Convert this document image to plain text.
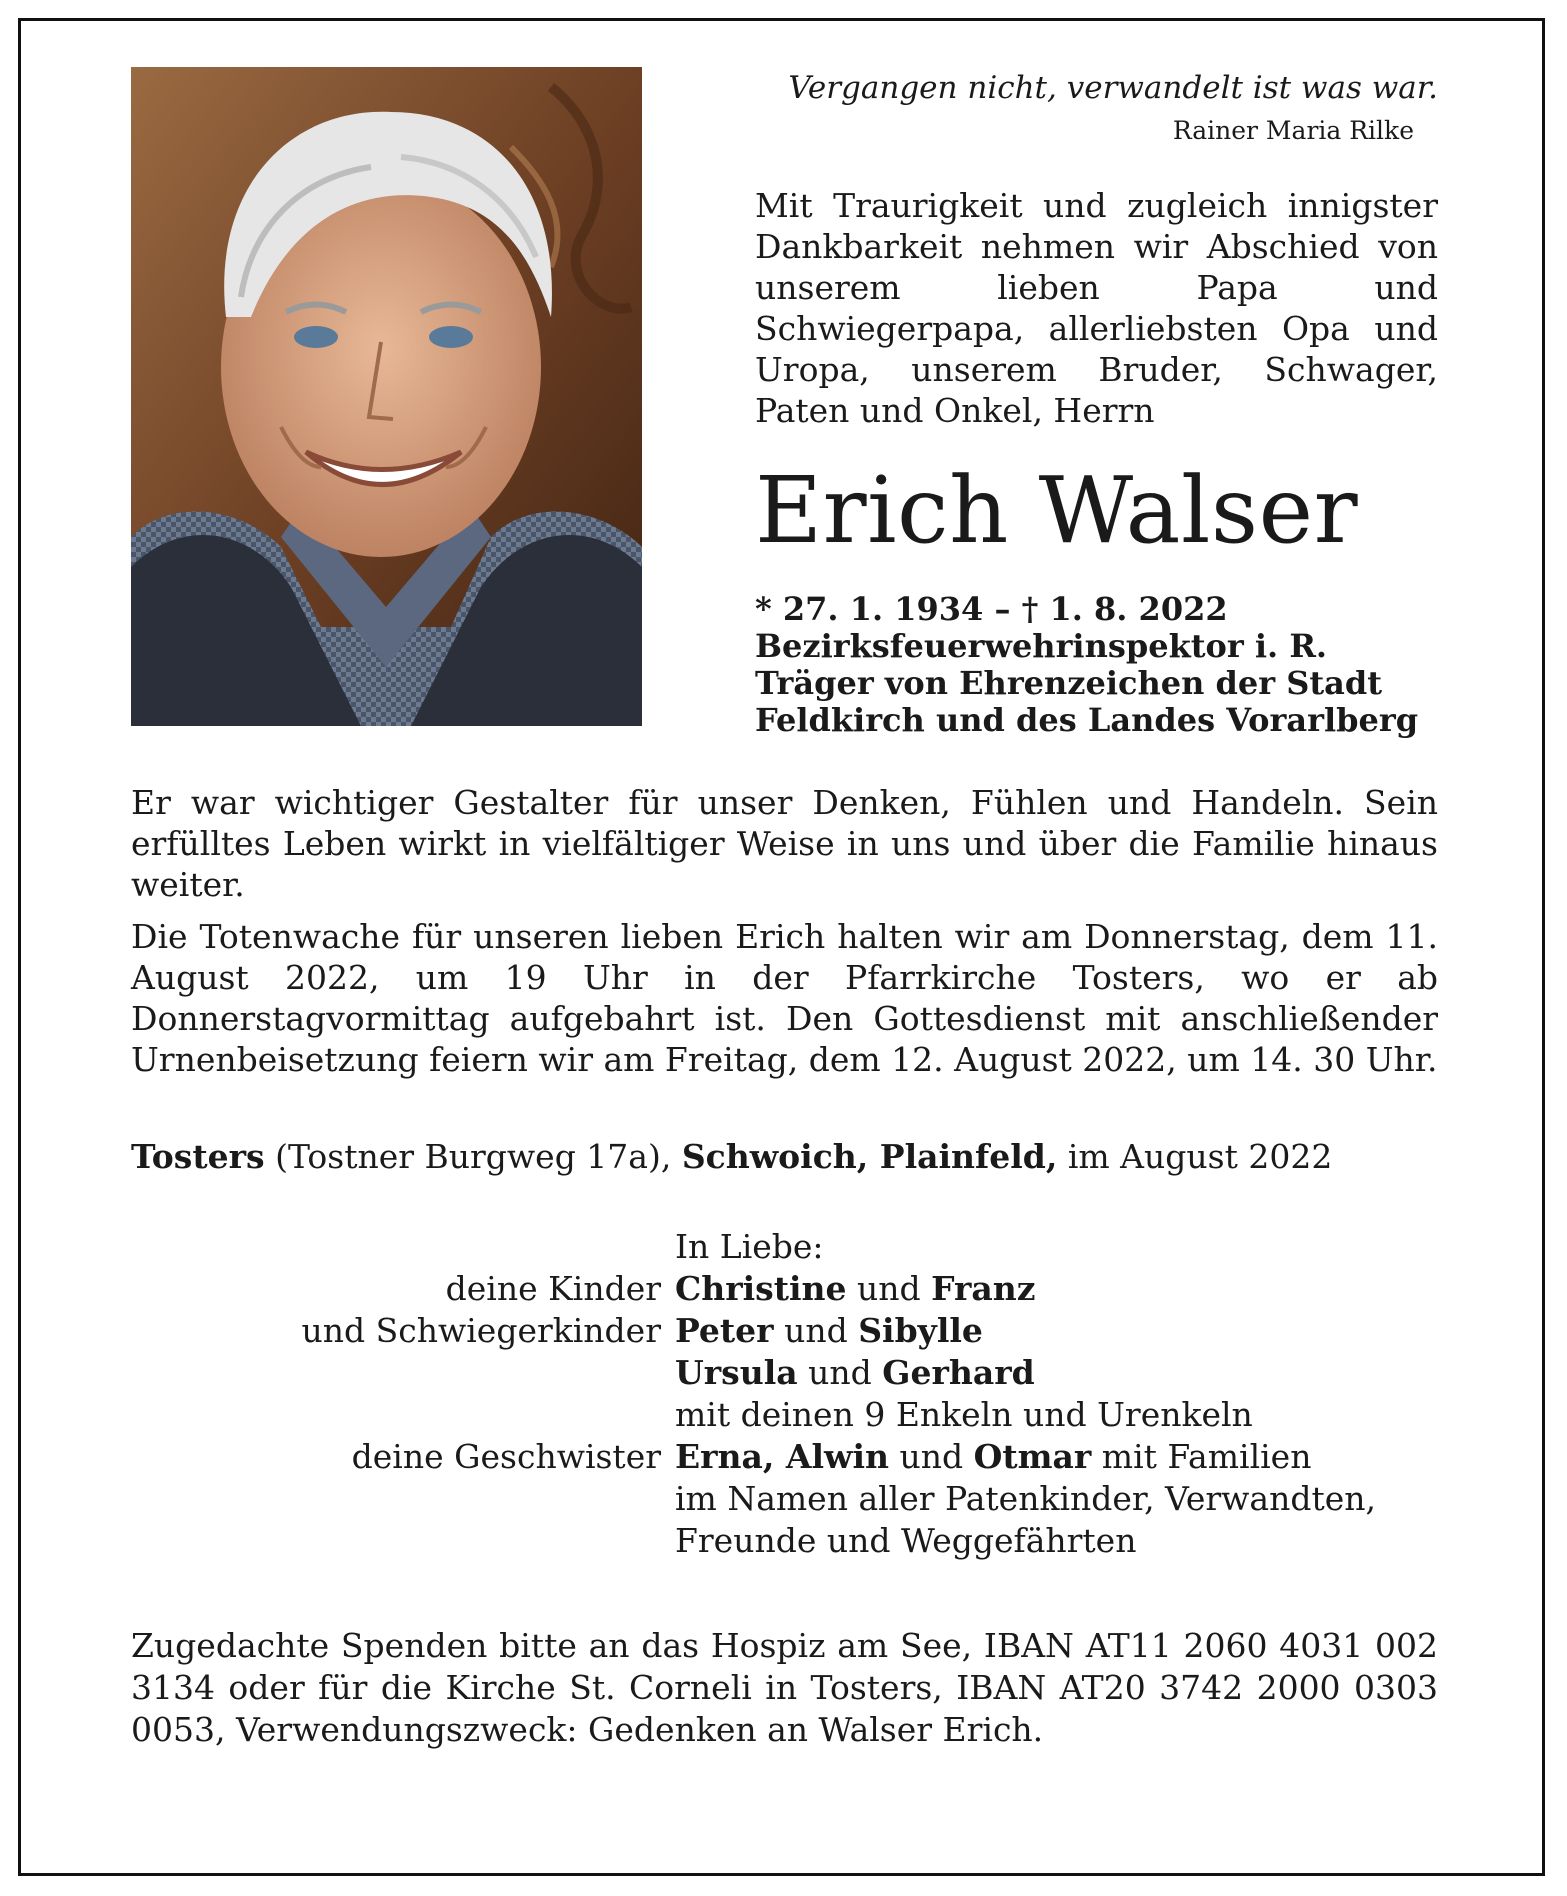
Vergangen nicht, verwandelt ist was war.

Rainer Maria Rilke

Mit Traurigkeit und zugleich innigster Dankbarkeit nehmen wir Abschied von unserem lieben Papa und Schwiegerpapa, allerliebsten Opa und Uropa, unserem Bruder, Schwager, Paten und Onkel, Herrn
Erich Walser
* 27. 1. 1934 – † 1. 8. 2022
Bezirksfeuerwehrinspektor i. R.
Träger von Ehrenzeichen der Stadt
Feldkirch und des Landes Vorarlberg

Er war wichtiger Gestalter für unser Denken, Fühlen und Handeln. Sein erfülltes Leben wirkt in vielfältiger Weise in uns und über die Familie hinaus weiter.

Die Totenwache für unseren lieben Erich halten wir am Donnerstag, dem 11. August 2022, um 19 Uhr in der Pfarrkirche Tosters, wo er ab Donnerstagvormittag aufgebahrt ist. Den Gottesdienst mit anschließender Urnenbeisetzung feiern wir am Freitag, dem 12. August 2022, um 14. 30 Uhr.

Tosters (Tostner Burgweg 17a), Schwoich, Plainfeld, im August 2022
In Liebe:
deine Kinder Christine und Franz
und Schwiegerkinder Peter und Sibylle
Ursula und Gerhard
mit deinen 9 Enkeln und Urenkeln
deine Geschwister Erna, Alwin und Otmar mit Familien
im Namen aller Patenkinder, Verwandten,
Freunde und Weggefährten
Zugedachte Spenden bitte an das Hospiz am See, IBAN AT11 2060 4031 002 3134 oder für die Kirche St. Corneli in Tosters, IBAN AT20 3742 2000 0303 0053, Verwendungszweck: Gedenken an Walser Erich.
